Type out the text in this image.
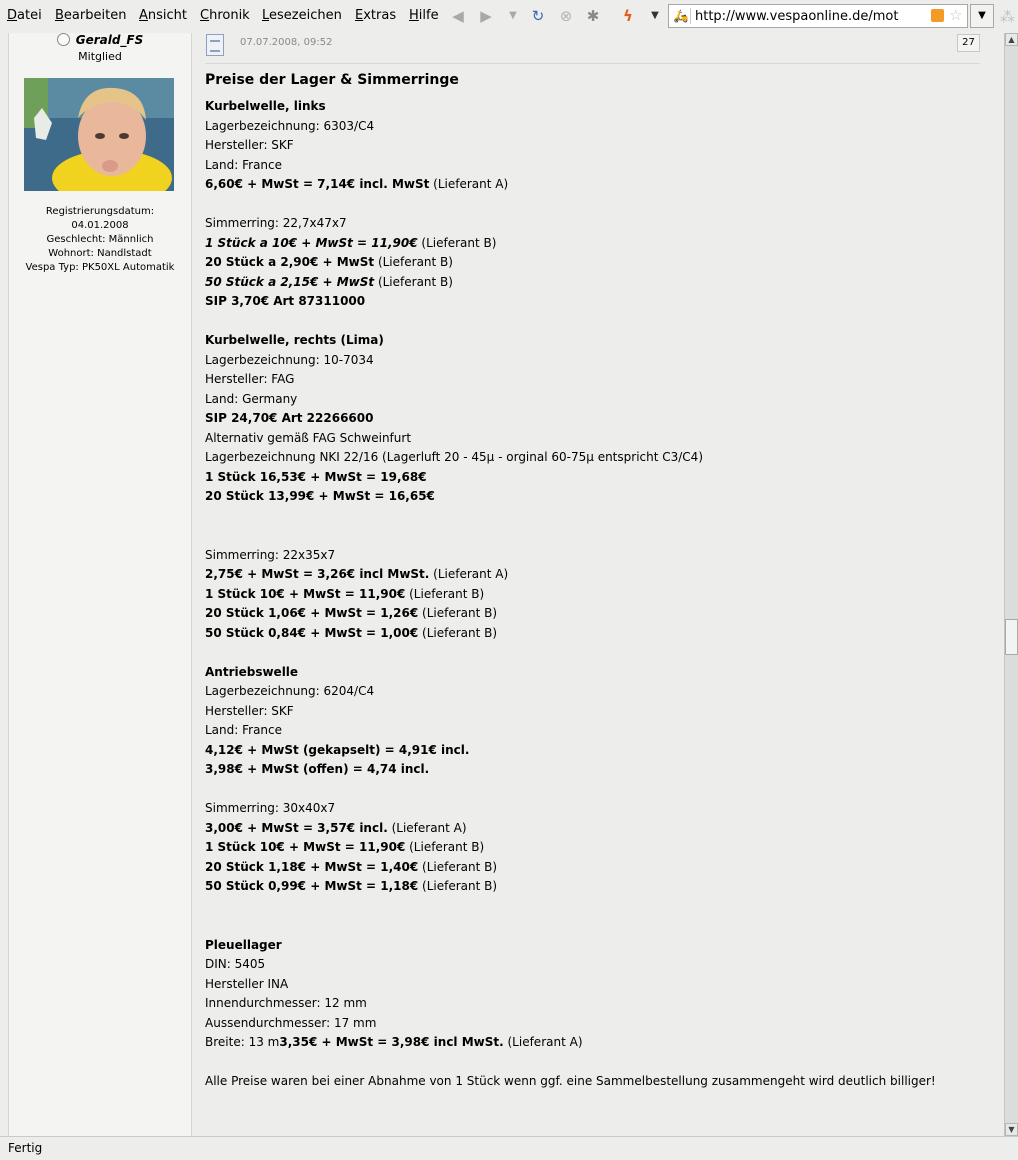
Datei Bearbeiten Ansicht Chronik Lesezeichen Extras Hilfe ◀ ▶	▼ ↻ ⊗ ✱ ϟ	▼	🛵
http://www.vespaonline.de/motor-ver	☆	▼ ⁂
Gerald_FS
Mitglied
Registrierungsdatum:
04.01.2008
Geschlecht: Männlich
Wohnort: Nandlstadt
Vespa Typ: PK50XL Automatik
07.07.2008, 09:52	27
Preise der Lager & Simmerringe
Kurbelwelle, links
Lagerbezeichnung: 6303/C4
Hersteller: SKF
Land: France
6,60€ + MwSt = 7,14€ incl. MwSt (Lieferant A)

Simmerring: 22,7x47x7
1 Stück a 10€ + MwSt = 11,90€ (Lieferant B)
20 Stück a 2,90€ + MwSt (Lieferant B)
50 Stück a 2,15€ + MwSt (Lieferant B)
SIP 3,70€ Art 87311000

Kurbelwelle, rechts (Lima)
Lagerbezeichnung: 10-7034
Hersteller: FAG
Land: Germany
SIP 24,70€ Art 22266600
Alternativ gemäß FAG Schweinfurt
Lagerbezeichnung NKI 22/16 (Lagerluft 20 - 45µ - orginal 60-75µ entspricht C3/C4)
1 Stück 16,53€ + MwSt = 19,68€
20 Stück 13,99€ + MwSt = 16,65€

Simmerring: 22x35x7
2,75€ + MwSt = 3,26€ incl MwSt. (Lieferant A)
1 Stück 10€ + MwSt = 11,90€ (Lieferant B)
20 Stück 1,06€ + MwSt = 1,26€ (Lieferant B)
50 Stück 0,84€ + MwSt = 1,00€ (Lieferant B)

Antriebswelle
Lagerbezeichnung: 6204/C4
Hersteller: SKF
Land: France
4,12€ + MwSt (gekapselt) = 4,91€ incl.
3,98€ + MwSt (offen) = 4,74 incl.

Simmerring: 30x40x7
3,00€ + MwSt = 3,57€ incl. (Lieferant A)
1 Stück 10€ + MwSt = 11,90€ (Lieferant B)
20 Stück 1,18€ + MwSt = 1,40€ (Lieferant B)
50 Stück 0,99€ + MwSt = 1,18€ (Lieferant B)

Pleuellager
DIN: 5405
Hersteller INA
Innendurchmesser: 12 mm
Aussendurchmesser: 17 mm
Breite: 13 m3,35€ + MwSt = 3,98€ incl MwSt. (Lieferant A)

Alle Preise waren bei einer Abnahme von 1 Stück wenn ggf. eine Sammelbestellung zusammengeht wird deutlich billiger!
▲
▼
Fertig
